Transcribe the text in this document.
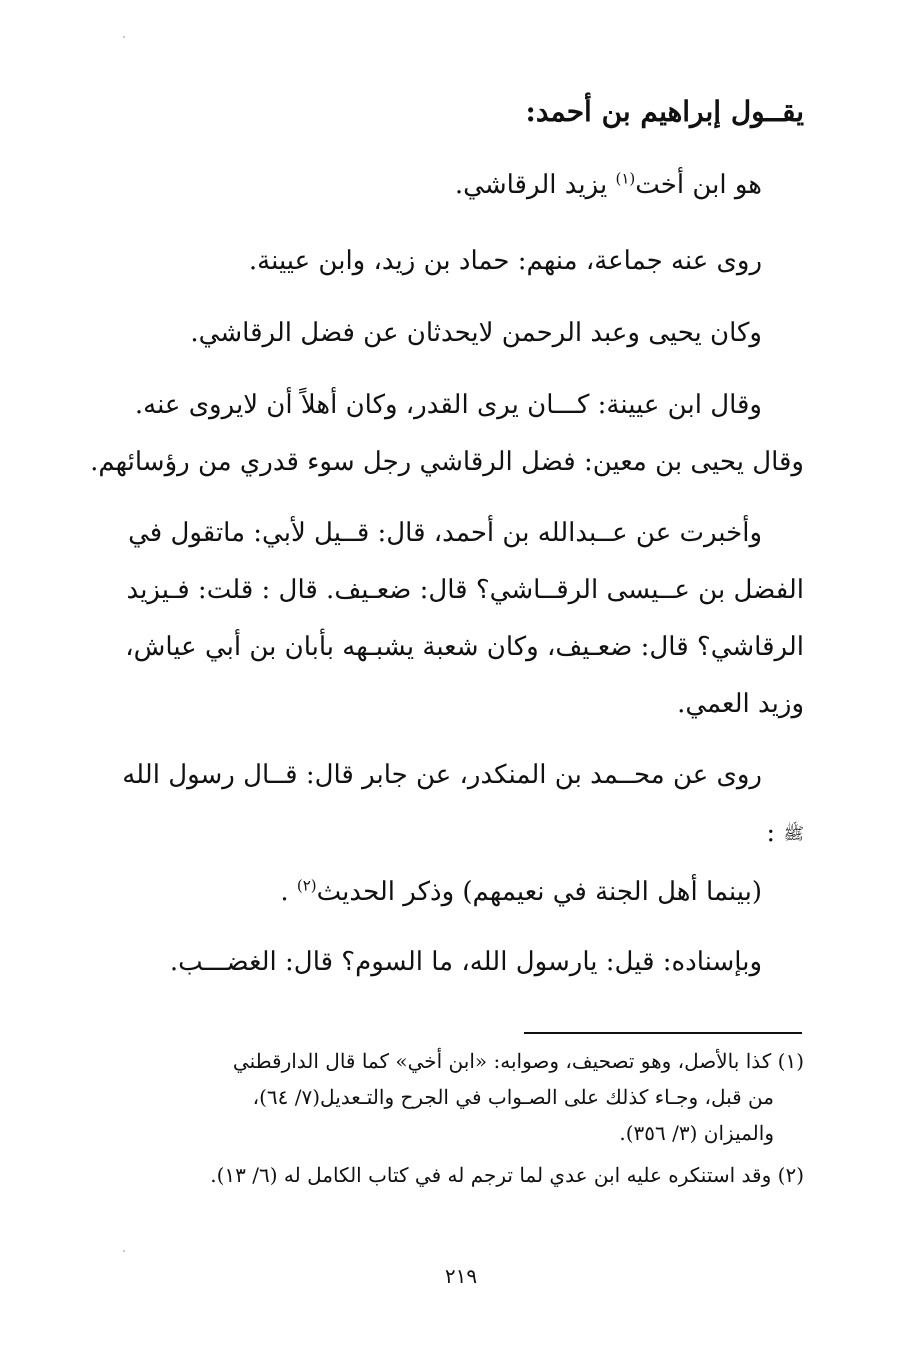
يقــول إبراهيم بن أحمد:
هو ابن أخت$^{(١)}$ يزيد الرقاشي.
روى عنه جماعة، منهم: حماد بن زيد، وابن عيينة.
وكان يحيى وعبد الرحمن لايحدثان عن فضل الرقاشي.
وقال ابن عيينة: كـــان يرى القدر، وكان أهلاً أن لايروى عنه.
وقال يحيى بن معين: فضل الرقاشي رجل سوء قدري من رؤسائهم.
وأخبرت عن عــبدالله بن أحمد، قال: قــيل لأبي: ماتقول في
الفضل بن عــيسى الرقــاشي؟ قال: ضعـيف. قال : قلت: فـيزيد
الرقاشي؟ قال: ضعـيف، وكان شعبة يشبـهه بأبان بن أبي عياش،
وزيد العمي.
روى عن محــمد بن المنكدر، عن جابر قال: قــال رسول الله
ﷺ :
(بينما أهل الجنة في نعيمهم) وذكر الحديث$^{(٢)}$ .
وبإسناده: قيل: يارسول الله، ما السوم؟ قال: الغضـــب.
(١) كذا بالأصل، وهو تصحيف، وصوابه: «ابن أخي» كما قال الدارقطني
من قبل، وجـاء كذلك على الصـواب في الجرح والتـعديل(٧/ ٦٤)،
والميزان (٣/ ٣٥٦).
(٢) وقد استنكره عليه ابن عدي لما ترجم له في كتاب الكامل له (٦/ ١٣).
٢١٩
